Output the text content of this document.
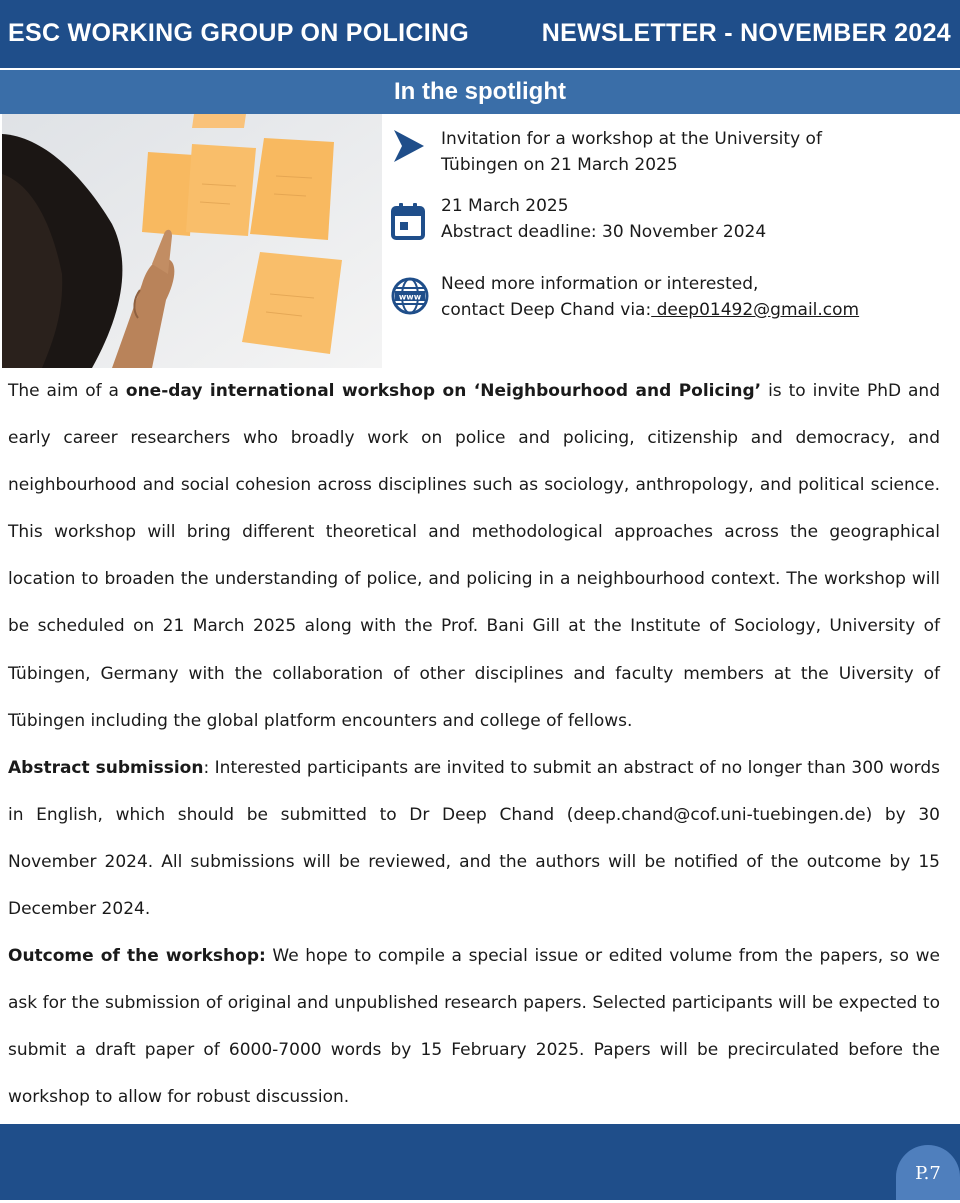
ESC WORKING GROUP ON POLICING	NEWSLETTER - NOVEMBER 2024
In the spotlight
Invitation for a workshop at the University of
Tübingen on 21 March 2025
21 March 2025
Abstract deadline: 30 November 2024
www
Need more information or interested,
contact Deep Chand via: deep01492@gmail.com

The aim of a one-day international workshop on ‘Neighbourhood and Policing’ is to invite PhD and early career researchers who broadly work on police and policing, citizenship and democracy, and neighbourhood and social cohesion across disciplines such as sociology, anthropology, and political science. This workshop will bring different theoretical and methodological approaches across the geographical location to broaden the understanding of police, and policing in a neighbourhood context. The workshop will be scheduled on 21 March 2025 along with the Prof. Bani Gill at the Institute of Sociology, University of Tübingen, Germany with the collaboration of other disciplines and faculty members at the Uiversity of Tübingen including the global platform encounters and college of fellows.

Abstract submission: Interested participants are invited to submit an abstract of no longer than 300 words in English, which should be submitted to Dr Deep Chand (deep.chand@cof.uni-tuebingen.de) by 30 November 2024. All submissions will be reviewed, and the authors will be notified of the outcome by 15 December 2024.

Outcome of the workshop: We hope to compile a special issue or edited volume from the papers, so we ask for the submission of original and unpublished research papers. Selected participants will be expected to submit a draft paper of 6000-7000 words by 15 February 2025. Papers will be precirculated before the workshop to allow for robust discussion.

P.7
